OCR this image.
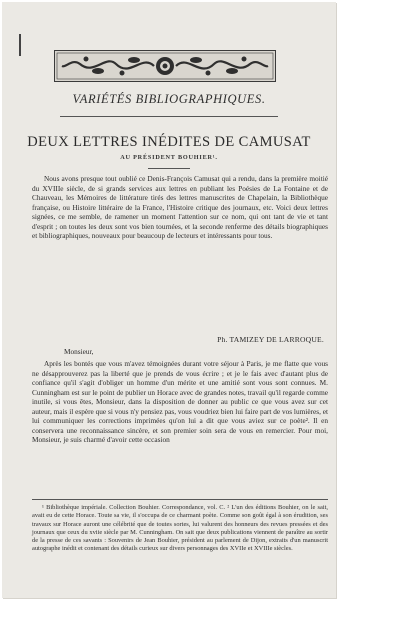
VARIÉTÉS BIBLIOGRAPHIQUES.
DEUX LETTRES INÉDITES DE CAMUSAT
AU PRÉSIDENT BOUHIER¹.
Nous avons presque tout oublié ce Denis-François Camusat qui a rendu, dans la première moitié du XVIIIe siècle, de si grands services aux lettres en publiant les Poésies de La Fontaine et de Chauveau, les Mémoires de littérature tirés des lettres manuscrites de Chapelain, la Bibliothèque française, ou Histoire littéraire de la France, l'Histoire critique des journaux, etc. Voici deux lettres signées, ce me semble, de ramener un moment l'attention sur ce nom, qui ont tant de vie et tant d'esprit ; on toutes les deux sont vos bien tournées, et la seconde renferme des détails biographiques et bibliographiques, nouveaux pour beaucoup de lecteurs et intéressants pour tous.
Ph. TAMIZEY DE LARROQUE.
Monsieur,
Après les bontés que vous m'avez témoignées durant votre séjour à Paris, je me flatte que vous ne désapprouverez pas la liberté que je prends de vous écrire ; et je le fais avec d'autant plus de confiance qu'il s'agit d'obliger un homme d'un mérite et une amitié sont vous sont connues. M. Cunningham est sur le point de publier un Horace avec de grandes notes, travail qu'il regarde comme inutile, si vous êtes, Monsieur, dans la disposition de donner au public ce que vous avez sur cet auteur, mais il espère que si vous n'y pensiez pas, vous voudriez bien lui faire part de vos lumières, et lui communiquer les corrections imprimées qu'on lui a dit que vous aviez sur ce poète². Il en conservera une reconnaissance sincère, et son premier soin sera de vous en remercier. Pour moi, Monsieur, je suis charmé d'avoir cette occasion
¹ Bibliothèque impériale. Collection Bouhier. Correspondance, vol. C. ² L'un des éditions Bouhier, on le sait, avait eu de cette Horace. Toute sa vie, il s'occupa de ce charmant poète. Comme son goût égal à son érudition, ses travaux sur Horace auront une célébrité que de toutes sortes, lui valurent des honneurs des revues pressées et des journaux que ceux du xviie siècle par M. Cunningham. On sait que deux publications viennent de paraître au sortir de la presse de ces savants : Souvenirs de Jean Bouhier, président au parlement de Dijon, extraits d'un manuscrit autographe inédit et contenant des détails curieux sur divers personnages des XVIIe et XVIIIe siècles.
